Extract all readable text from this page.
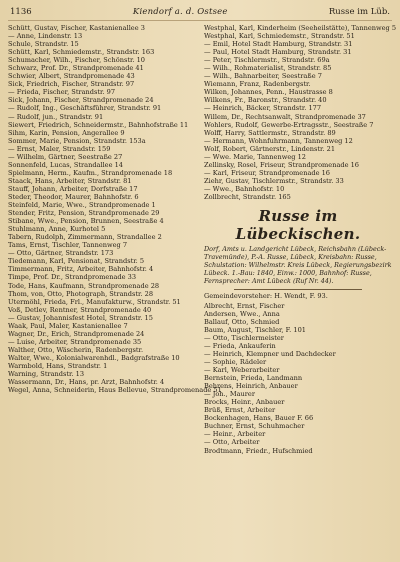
1136	Kiendorf a. d. Ostsee	Russe im Lüb.
Schütt, Gustav, Fischer, Kastanienallee 3
— Anne, Lindenstr. 13
Schule, Strandstr. 15
Schütt, Karl, Schmiedemstr., Strandstr. 163
Schumacher, Wilh., Fischer, Schönstr. 10
Schwarz, Prof. Dr., Strandpromenade 41
Schwier, Albert, Strandpromenade 43
Sick, Friedrich, Fischer, Strandstr. 97
— Frieda, Fischer, Strandstr. 97
Sick, Johann, Fischer, Strandpromenade 24
— Rudolf, Ing., Geschäftsführer, Strandstr. 91
— Rudolf, jun., Strandstr. 91
Siewert, Friedrich, Schneidermstr., Bahnhofstraße 11
Sihm, Karin, Pension, Angerallee 9
Sommer, Marie, Pension, Strandstr. 153a
— Ernst, Maler, Strandstr. 159
— Wilhelm, Gärtner, Seestraße 27
Sonnenfeld, Lucas, Strandallee 14
Spielmann, Herm., Kaufm., Strandpromenade 18
Staack, Hans, Arbeiter, Strandstr. 81
Stauff, Johann, Arbeiter, Dorfstraße 17
Steder, Theodor, Maurer, Bahnhofstr. 6
Steinfeld, Marie, Wwe., Strandpromenade 1
Stender, Fritz, Pension, Strandpromenade 29
Stibane, Wwe., Pension, Brunnen, Seestraße 4
Stuhlmann, Anne, Kurhotel 5
Tabern, Rudolph, Zimmermann, Strandallee 2
Tams, Ernst, Tischler, Tannenweg 7
— Otto, Gärtner, Strandstr. 173
Tiedemann, Karl, Pensionat, Strandstr. 5
Timmermann, Fritz, Arbeiter, Bahnhofstr. 4
Timpe, Prof. Dr., Strandpromenade 33
Tode, Hans, Kaufmann, Strandpromenade 28
Thom, von, Otto, Photograph, Strandstr. 28
Utermöhl, Frieda, Frl., Manufakturw., Strandstr. 51
Voß, Detlev, Rentner, Strandpromenade 40
— Gustav, Johannisfest Hotel, Strandstr. 15
Waak, Paul, Maler, Kastanienallee 7
Wagner, Dr., Erich, Strandpromenade 24
— Luise, Arbeiter, Strandpromenade 35
Walther, Otto, Wäscherin, Radenbergstr.
Walter, Wwe., Kolonialwarenhdl., Badgrafstraße 10
Warmbold, Hans, Strandstr. 1
Warning, Strandstr. 13
Wassermann, Dr., Hans, pr. Arzt, Bahnhofstr. 4
Wegel, Anna, Schneiderin, Haus Bellevue, Strandpromenade 51
Westphal, Karl, Kinderheim (Seeheilstätte), Tannenweg 5
Westphal, Karl, Schmiedemstr., Strandstr. 51
— Emil, Hotel Stadt Hamburg, Strandstr. 31
— Paul, Hotel Stadt Hamburg, Strandstr. 31
— Peter, Tischlermstr., Strandstr. 69a
— Wilh., Rohmaterialist, Strandstr. 85
— Wilh., Bahnarbeiter, Seestraße 7
Wiemann, Franz, Radenbergstr.
Wilken, Johannes, Penn., Haustrasse 8
Wilkens, Fr., Baronstr., Strandstr. 40
— Heinrich, Bäcker, Strandstr. 177
Willem, Dr., Rechtsanwalt, Strandpromenade 37
Wohlers, Rudolf, Gewerbe-Ertragsstr., Seestraße 7
Wolff, Harry, Sattlermstr., Strandstr. 89
— Hermann, Wohnfuhrmann, Tannenweg 12
Wolf, Robert, Gärtnerstr., Lindenstr. 21
— Wwe. Marie, Tannenweg 12
Zellinsky, Rosel, Friseur, Strandpromenade 16
— Karl, Friseur, Strandpromenade 16
Ziehr, Gustav, Tischlermstr., Strandstr. 33
— Wwe., Bahnhofstr. 10
Zollbrecht, Strandstr. 165
Russe im Lübeckischen.
Dorf, Amts u. Landgericht Lübeck, Reichsbahn (Lübeck-Travemünde), P.-A. Russe, Lübeck, Kreisbahn: Russe, Schulstation: Wilhelmstr. Kreis Lübeck, Regierungsbezirk Lübeck. 1.-Bau: 1840, Einw.: 1000, Bahnhof: Russe, Fernsprecher: Amt Lübeck (Ruf Nr. 44).
Gemeindevorsteher: H. Wendt, F. 93.
Albrecht, Ernst, Fischer
Andersen, Wwe., Anna
Ballauf, Otto, Schmied
Baum, August, Tischler, F. 101
— Otto, Tischlermeister
— Frieda, Ankauferin
— Heinrich, Klempner und Dachdecker
— Sophie, Rädeler
— Karl, Weberarbeiter
Bernstein, Frieda, Landmann
Behrens, Heinrich, Anbauer
— Joh., Maurer
Brocks, Heinr., Anbauer
Brüß, Ernst, Arbeiter
Bockenhagen, Hans, Bauer F. 66
Buchner, Ernst, Schuhmacher
— Heinr., Arbeiter
— Otto, Arbeiter
Brodtmann, Friedr., Hufschmied
